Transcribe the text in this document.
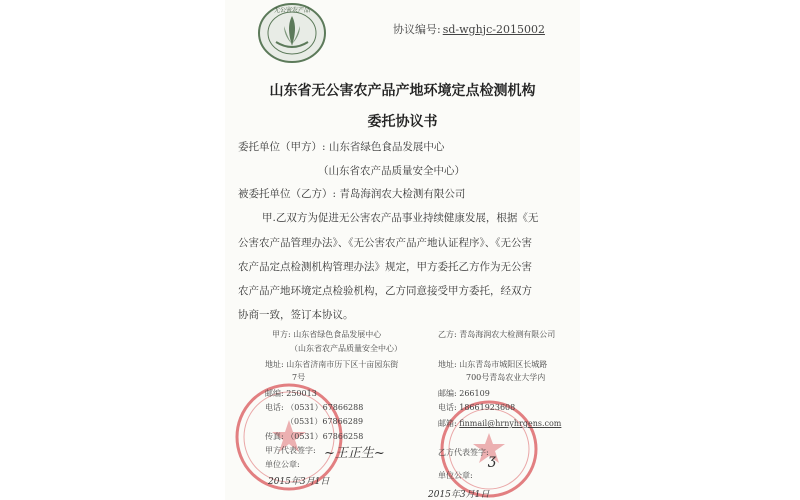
无公害农产品
协议编号: sd-wghjc-2015002
山东省无公害农产品产地环境定点检测机构
委托协议书
委托单位（甲方）: 山东省绿色食品发展中心
（山东省农产品质量安全中心）
被委托单位（乙方）: 青岛海润农大检测有限公司
甲.乙双方为促进无公害农产品事业持续健康发展，根据《无
公害农产品管理办法》、《无公害农产品产地认证程序》、《无公害
农产品定点检测机构管理办法》规定，甲方委托乙方作为无公害
农产品产地环境定点检验机构，乙方同意接受甲方委托，经双方
协商一致，签订本协议。
甲方: 山东省绿色食品发展中心
（山东省农产品质量安全中心）
地址: 山东省济南市历下区十亩园东街
7号
邮编: 250013
电话: （0531）67866288
（0531）67866289
传真: （0531）67866258
甲方代表签字: ~王正生~
单位公章:
2015年3月1日
乙方: 青岛海润农大检测有限公司
地址: 山东青岛市城阳区长城路
700号青岛农业大学内
邮编: 266109
电话: 18661923608
邮箱: finmail@hrnyhrgens.com
乙方代表签字: ʒ
单位公章:
2015年3月1日
